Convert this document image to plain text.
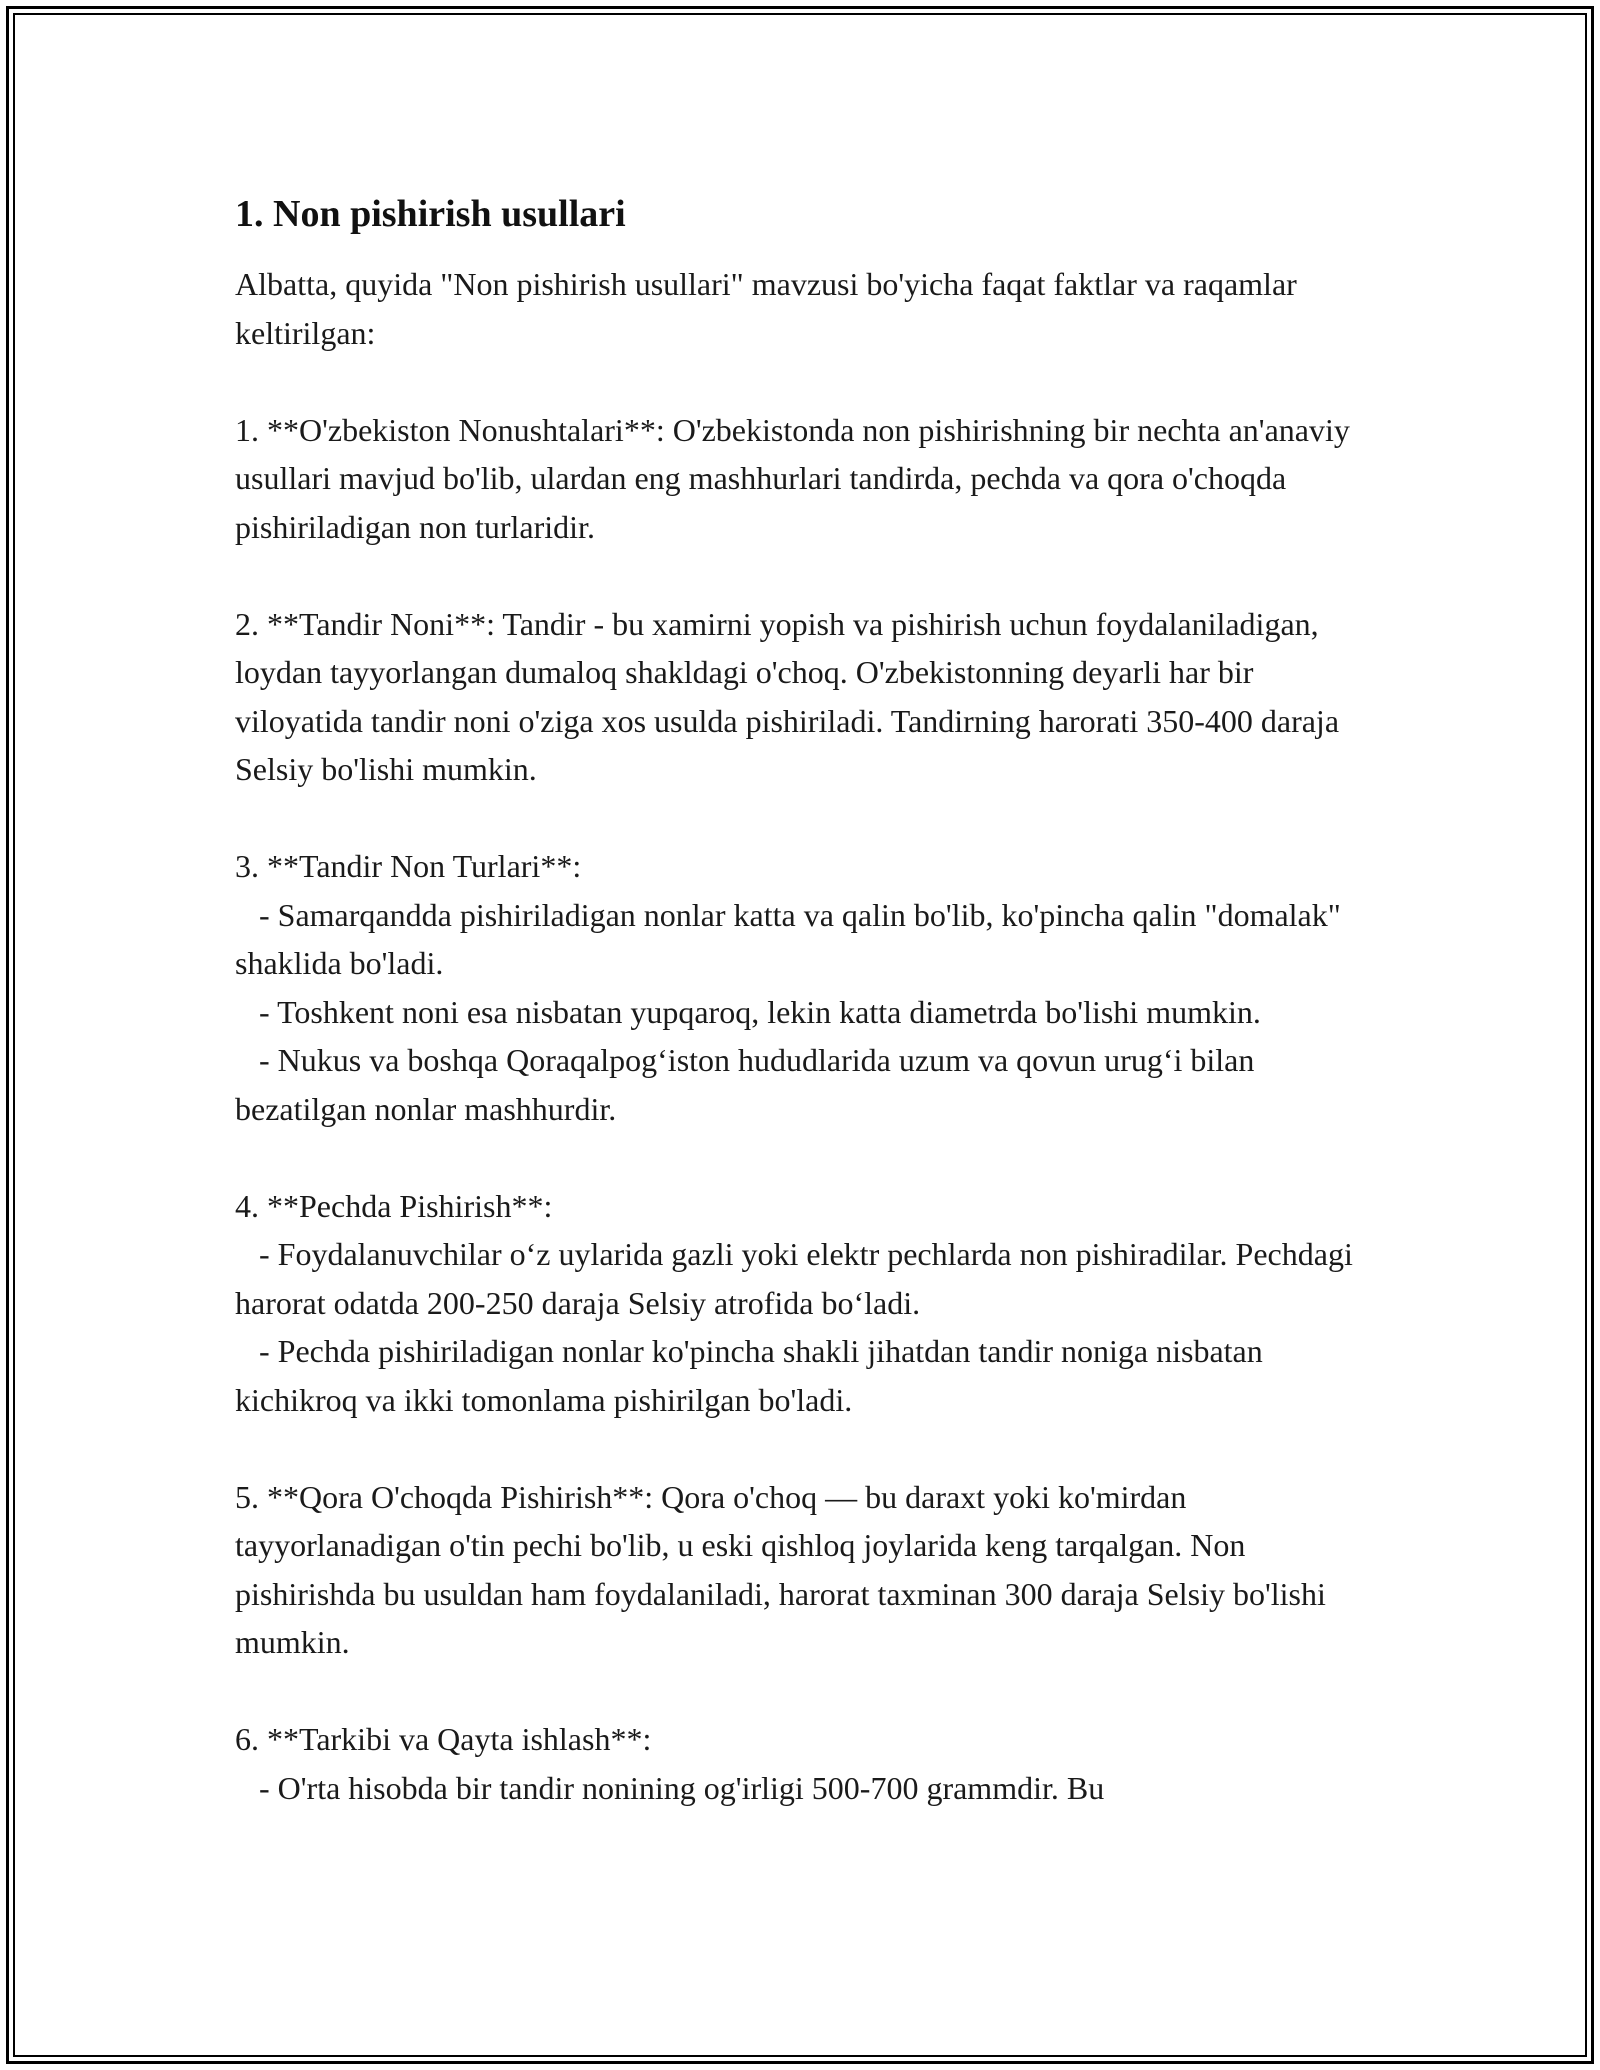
1. Non pishirish usullari

Albatta, quyida "Non pishirish usullari" mavzusi bo'yicha faqat faktlar va raqamlar keltirilgan:

1. **O'zbekiston Nonushtalari**: O'zbekistonda non pishirishning bir nechta an'anaviy usullari mavjud bo'lib, ulardan eng mashhurlari tandirda, pechda va qora o'choqda pishiriladigan non turlaridir.

2. **Tandir Noni**: Tandir - bu xamirni yopish va pishirish uchun foydalaniladigan, loydan tayyorlangan dumaloq shakldagi o'choq. O'zbekistonning deyarli har bir viloyatida tandir noni o'ziga xos usulda pishiriladi. Tandirning harorati 350-400 daraja Selsiy bo'lishi mumkin.

3. **Tandir Non Turlari**:
- Samarqandda pishiriladigan nonlar katta va qalin bo'lib, ko'pincha qalin "domalak" shaklida bo'ladi.
- Toshkent noni esa nisbatan yupqaroq, lekin katta diametrda bo'lishi mumkin.
- Nukus va boshqa Qoraqalpog‘iston hududlarida uzum va qovun urug‘i bilan bezatilgan nonlar mashhurdir.

4. **Pechda Pishirish**:
- Foydalanuvchilar o‘z uylarida gazli yoki elektr pechlarda non pishiradilar. Pechdagi harorat odatda 200-250 daraja Selsiy atrofida bo‘ladi.
- Pechda pishiriladigan nonlar ko'pincha shakli jihatdan tandir noniga nisbatan kichikroq va ikki tomonlama pishirilgan bo'ladi.

5. **Qora O'choqda Pishirish**: Qora o'choq — bu daraxt yoki ko'mirdan tayyorlanadigan o'tin pechi bo'lib, u eski qishloq joylarida keng tarqalgan. Non pishirishda bu usuldan ham foydalaniladi, harorat taxminan 300 daraja Selsiy bo'lishi mumkin.

6. **Tarkibi va Qayta ishlash**:
- O'rta hisobda bir tandir nonining og'irligi 500-700 grammdir. Bu
